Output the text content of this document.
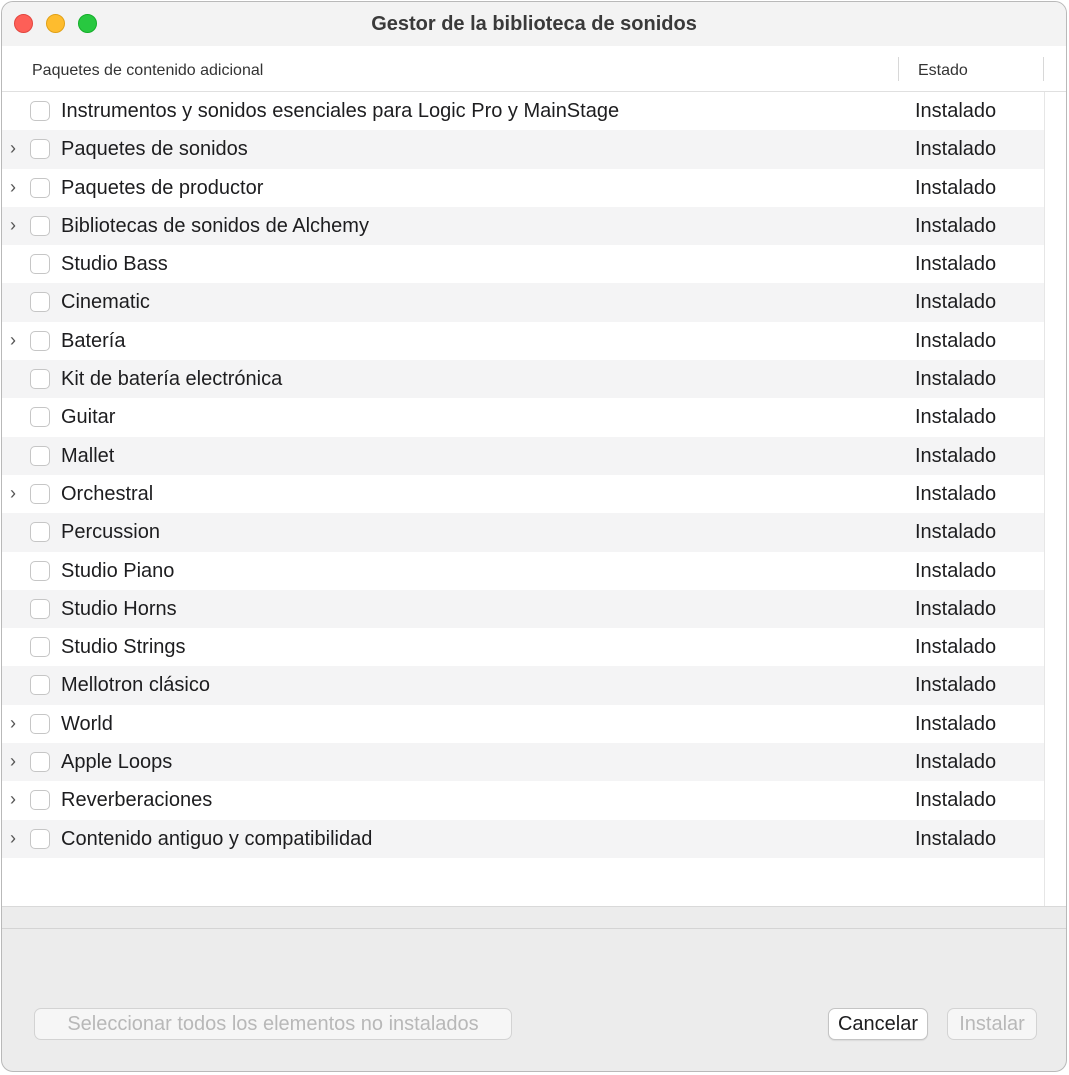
Gestor de la biblioteca de sonidos
Paquetes de contenido adicional	Estado
Instrumentos y sonidos esenciales para Logic Pro y MainStage	Instalado
›	Paquetes de sonidos	Instalado
›	Paquetes de productor	Instalado
›	Bibliotecas de sonidos de Alchemy	Instalado
Studio Bass	Instalado
Cinematic	Instalado
›	Batería	Instalado
Kit de batería electrónica	Instalado
Guitar	Instalado
Mallet	Instalado
›	Orchestral	Instalado
Percussion	Instalado
Studio Piano	Instalado
Studio Horns	Instalado
Studio Strings	Instalado
Mellotron clásico	Instalado
›	World	Instalado
›	Apple Loops	Instalado
›	Reverberaciones	Instalado
›	Contenido antiguo y compatibilidad	Instalado
Seleccionar todos los elementos no instalados	Cancelar	Instalar
